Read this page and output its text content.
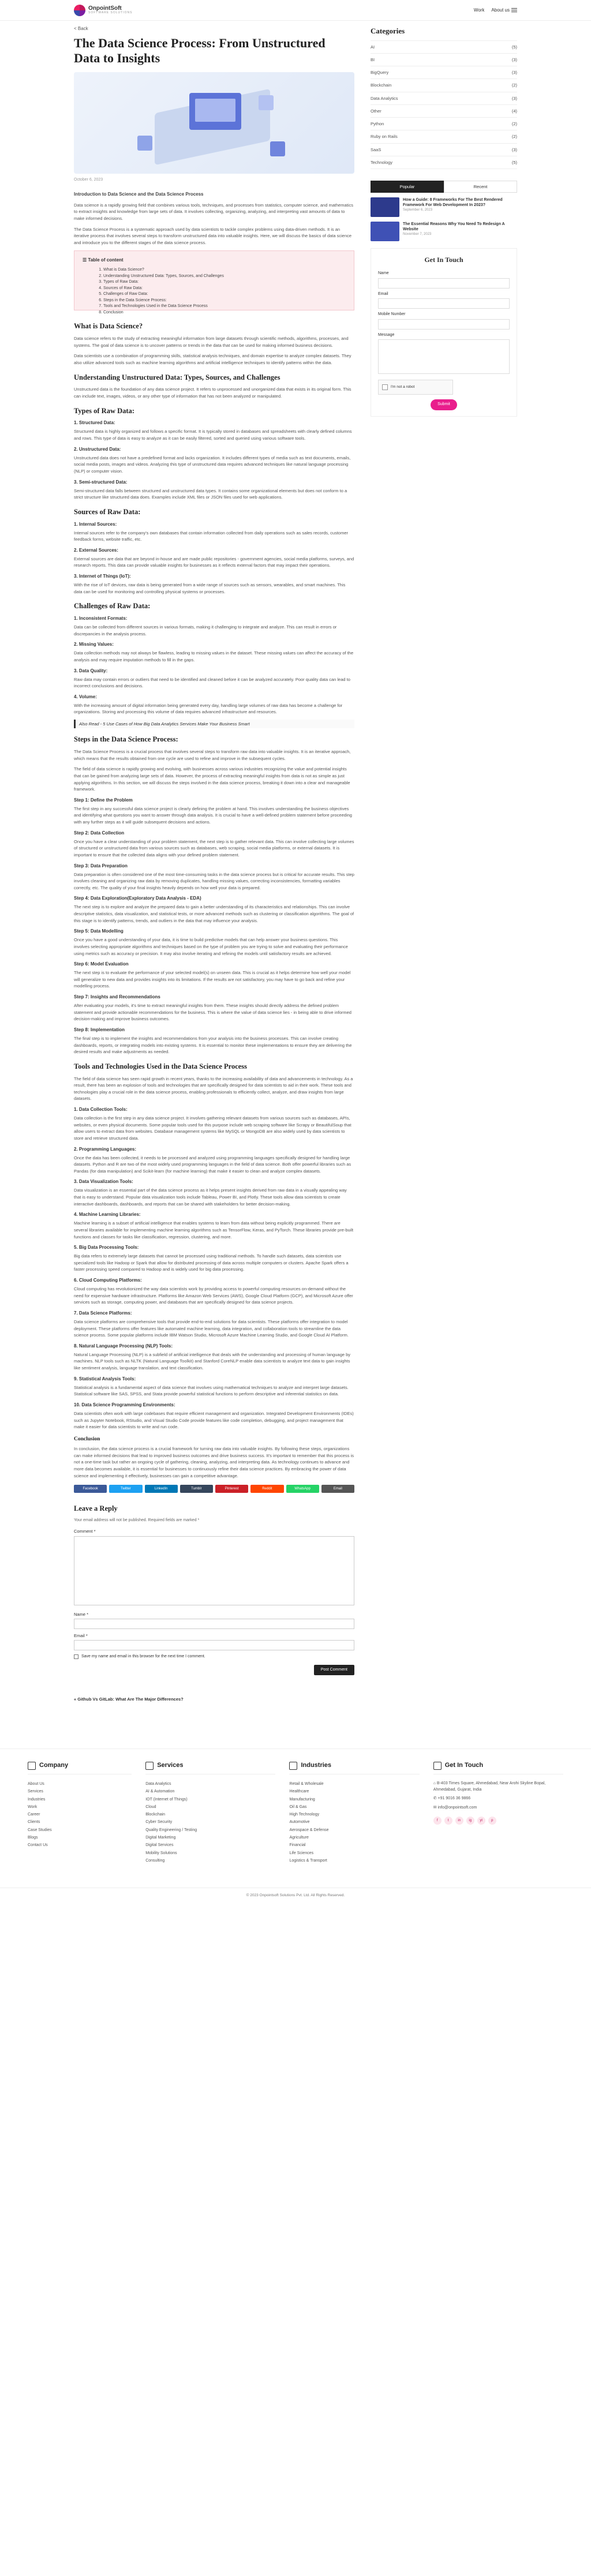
OnpointSoft
SOFTWARE SOLUTIONS
Work About us
< Back
The Data Science Process: From Unstructured Data to Insights
October 6, 2023

Introduction to Data Science and the Data Science Process

Data science is a rapidly growing field that combines various tools, techniques, and processes from statistics, computer science, and mathematics to extract insights and knowledge from large sets of data. It involves collecting, organizing, analyzing, and interpreting vast amounts of data to make informed decisions.

The Data Science Process is a systematic approach used by data scientists to tackle complex problems using data-driven methods. It is an iterative process that involves several steps to transform unstructured data into valuable insights. Here, we will discuss the basics of data science and introduce you to the different stages of the data science process.

☰ Table of content
1. What is Data Science?
2. Understanding Unstructured Data: Types, Sources, and Challenges
3. Types of Raw Data:
4. Sources of Raw Data:
5. Challenges of Raw Data:
6. Steps in the Data Science Process:
7. Tools and Technologies Used in the Data Science Process
8. Conclusion
What is Data Science?

Data science refers to the study of extracting meaningful information from large datasets through scientific methods, algorithms, processes, and systems. The goal of data science is to uncover patterns or trends in the data that can be used for making informed business decisions.

Data scientists use a combination of programming skills, statistical analysis techniques, and domain expertise to analyze complex datasets. They also utilize advanced tools such as machine learning algorithms and artificial intelligence techniques to identify patterns within the data.

Understanding Unstructured Data: Types, Sources, and Challenges

Unstructured data is the foundation of any data science project. It refers to unprocessed and unorganized data that exists in its original form. This can include text, images, videos, or any other type of information that has not been analyzed or manipulated.

Types of Raw Data:
1. Structured Data:

Structured data is highly organized and follows a specific format. It is typically stored in databases and spreadsheets with clearly defined columns and rows. This type of data is easy to analyze as it can be easily filtered, sorted and queried using various software tools.

2. Unstructured Data:

Unstructured data does not have a predefined format and lacks organization. It includes different types of media such as text documents, emails, social media posts, images and videos. Analyzing this type of unstructured data requires advanced techniques like natural language processing (NLP) or computer vision.

3. Semi-structured Data:

Semi-structured data falls between structured and unstructured data types. It contains some organizational elements but does not conform to a strict structure like structured data does. Examples include XML files or JSON files used for web applications.

Sources of Raw Data:
1. Internal Sources:

Internal sources refer to the company's own databases that contain information collected from daily operations such as sales records, customer feedback forms, website traffic, etc.

2. External Sources:

External sources are data that are beyond in-house and are made public repositories - government agencies, social media platforms, surveys, and research reports. This data can provide valuable insights for businesses as it reflects external factors that may impact their operations.

3. Internet of Things (IoT):

With the rise of IoT devices, raw data is being generated from a wide range of sources such as sensors, wearables, and smart machines. This data can be used for monitoring and controlling physical systems or processes.

Challenges of Raw Data:
1. Inconsistent Formats:

Data can be collected from different sources in various formats, making it challenging to integrate and analyze. This can result in errors or discrepancies in the analysis process.

2. Missing Values:

Data collection methods may not always be flawless, leading to missing values in the dataset. These missing values can affect the accuracy of the analysis and may require imputation methods to fill in the gaps.

3. Data Quality:

Raw data may contain errors or outliers that need to be identified and cleaned before it can be analyzed accurately. Poor quality data can lead to incorrect conclusions and decisions.

4. Volume:

With the increasing amount of digital information being generated every day, handling large volumes of raw data has become a challenge for organizations. Storing and processing this volume of data requires advanced infrastructure and resources.

Also Read - 5 Use Cases of How Big Data Analytics Services Make Your Business Smart
Steps in the Data Science Process:

The Data Science Process is a crucial process that involves several steps to transform raw data into valuable insights. It is an iterative approach, which means that the results obtained from one cycle are used to refine and improve in the subsequent cycles.

The field of data science is rapidly growing and evolving, with businesses across various industries recognizing the value and potential insights that can be gained from analyzing large sets of data. However, the process of extracting meaningful insights from data is not as simple as just applying algorithms. In this section, we will discuss the steps involved in the data science process, breaking it down into a clear and manageable framework.

Step 1: Define the Problem

The first step in any successful data science project is clearly defining the problem at hand. This involves understanding the business objectives and identifying what questions you want to answer through data analysis. It is crucial to have a well-defined problem statement before proceeding with any further steps as it will guide subsequent decisions and actions.

Step 2: Data Collection

Once you have a clear understanding of your problem statement, the next step is to gather relevant data. This can involve collecting large volumes of structured or unstructured data from various sources such as databases, web scraping, social media platforms, or external datasets. It is important to ensure that the collected data aligns with your defined problem statement.

Step 3: Data Preparation

Data preparation is often considered one of the most time-consuming tasks in the data science process but is critical for accurate results. This step involves cleaning and organizing raw data by removing duplicates, handling missing values, correcting inconsistencies, formatting variables correctly, etc. The quality of your final insights heavily depends on how well your data is prepared.

Step 4: Data Exploration(Exploratory Data Analysis - EDA)

The next step is to explore and analyze the prepared data to gain a better understanding of its characteristics and relationships. This can involve descriptive statistics, data visualization, and statistical tests, or more advanced methods such as clustering or classification algorithms. The goal of this stage is to identify patterns, trends, and outliers in the data that may influence your analysis.

Step 5: Data Modelling

Once you have a good understanding of your data, it is time to build predictive models that can help answer your business questions. This involves selecting appropriate algorithms and techniques based on the type of problem you are trying to solve and evaluating their performance using metrics such as accuracy or precision. It may also involve iterating and refining the models until satisfactory results are achieved.

Step 6: Model Evaluation

The next step is to evaluate the performance of your selected model(s) on unseen data. This is crucial as it helps determine how well your model will generalize to new data and provides insights into its limitations. If the results are not satisfactory, you may have to go back and refine your modelling process.

Step 7: Insights and Recommendations

After evaluating your models, it's time to extract meaningful insights from them. These insights should directly address the defined problem statement and provide actionable recommendations for the business. This is where the value of data science lies - in being able to drive informed decision-making and improve business outcomes.

Step 8: Implementation

The final step is to implement the insights and recommendations from your analysis into the business processes. This can involve creating dashboards, reports, or integrating models into existing systems. It is essential to monitor these implementations to ensure they are delivering the desired results and make adjustments as needed.

Tools and Technologies Used in the Data Science Process

The field of data science has seen rapid growth in recent years, thanks to the increasing availability of data and advancements in technology. As a result, there has been an explosion of tools and technologies that are specifically designed for data scientists to aid in their work. These tools and technologies play a crucial role in the data science process, enabling professionals to efficiently collect, analyze, and draw insights from large datasets.

1. Data Collection Tools:

Data collection is the first step in any data science project. It involves gathering relevant datasets from various sources such as databases, APIs, websites, or even physical documents. Some popular tools used for this purpose include web scraping software like Scrapy or BeautifulSoup that allow users to extract data from websites. Database management systems like MySQL or MongoDB are also widely used by data scientists to store and retrieve structured data.

2. Programming Languages:

Once the data has been collected, it needs to be processed and analyzed using programming languages specifically designed for handling large datasets. Python and R are two of the most widely used programming languages in the field of data science. Both offer powerful libraries such as Pandas (for data manipulation) and Scikit-learn (for machine learning) that make it easier to clean and analyze complex datasets.

3. Data Visualization Tools:

Data visualization is an essential part of the data science process as it helps present insights derived from raw data in a visually appealing way that is easy to understand. Popular data visualization tools include Tableau, Power BI, and Plotly. These tools allow data scientists to create interactive dashboards, dashboards, and reports that can be shared with stakeholders for better decision-making.

4. Machine Learning Libraries:

Machine learning is a subset of artificial intelligence that enables systems to learn from data without being explicitly programmed. There are several libraries available for implementing machine learning algorithms such as TensorFlow, Keras, and PyTorch. These libraries provide pre-built functions and classes for tasks like classification, regression, clustering, and more.

5. Big Data Processing Tools:

Big data refers to extremely large datasets that cannot be processed using traditional methods. To handle such datasets, data scientists use specialized tools like Hadoop or Spark that allow for distributed processing of data across multiple computers or clusters. Apache Spark offers a faster processing speed compared to Hadoop and is widely used for big data processing.

6. Cloud Computing Platforms:

Cloud computing has revolutionized the way data scientists work by providing access to powerful computing resources on-demand without the need for expensive hardware infrastructure. Platforms like Amazon Web Services (AWS), Google Cloud Platform (GCP), and Microsoft Azure offer services such as storage, computing power, and databases that are specifically designed for data science projects.

7. Data Science Platforms:

Data science platforms are comprehensive tools that provide end-to-end solutions for data scientists. These platforms offer integration to model deployment. These platforms offer features like automated machine learning, data integration, and collaboration tools to streamline the data science process. Some popular platforms include IBM Watson Studio, Microsoft Azure Machine Learning Studio, and Google Cloud AI Platform.

8. Natural Language Processing (NLP) Tools:

Natural Language Processing (NLP) is a subfield of artificial intelligence that deals with the understanding and processing of human language by machines. NLP tools such as NLTK (Natural Language Toolkit) and Stanford CoreNLP enable data scientists to analyze text data to gain insights like sentiment analysis, language translation, and text classification.

9. Statistical Analysis Tools:

Statistical analysis is a fundamental aspect of data science that involves using mathematical techniques to analyze and interpret large datasets. Statistical software like SAS, SPSS, and Stata provide powerful statistical functions to perform descriptive and inferential statistics on data.

10. Data Science Programming Environments:

Data scientists often work with large codebases that require efficient management and organization. Integrated Development Environments (IDEs) such as Jupyter Notebook, RStudio, and Visual Studio Code provide features like code completion, debugging, and project management that make it easier for data scientists to write and run code.

Conclusion

In conclusion, the data science process is a crucial framework for turning raw data into valuable insights. By following these steps, organizations can make informed decisions that lead to improved business outcomes and drive business success. It's important to remember that this process is not a one-time task but rather an ongoing cycle of gathering, cleaning, analyzing, and interpreting data. As technology continues to advance and more data becomes available, it is essential for businesses to continuously refine their data science practices. By embracing the power of data science and implementing it effectively, businesses can gain a competitive advantage.

Facebook	Twitter	LinkedIn	Tumblr	Pinterest	Reddit	WhatsApp	Email
Leave a Reply
Your email address will not be published. Required fields are marked *
Comment *
Name *
Email *
Save my name and email in this browser for the next time I comment.
Post Comment
« Github Vs GitLab: What Are The Major Differences?
Categories
AI	(5)
BI	(3)
BigQuery	(3)
Blockchain	(2)
Data Analytics	(3)
Other	(4)
Python	(2)
Ruby on Rails	(2)
SaaS	(3)
Technology	(5)
Popular	Recent
How a Guide: 8 Frameworks For The Best Rendered Framework For Web Development In 2023?
September 6, 2023
The Essential Reasons Why You Need To Redesign A Website
November 7, 2023
Get In Touch
Name
Email
Mobile Number
Message
I'm not a robot
Submit
Company
About Us
Services
Industries
Work
Career
Clients
Case Studies
Blogs
Contact Us
Services
Data Analytics
AI & Automation
IOT (Internet of Things)
Cloud
Blockchain
Cyber Security
Quality Engineering / Testing
Digital Marketing
Digital Services
Mobility Solutions
Consulting
Industries
Retail & Wholesale
Healthcare
Manufacturing
Oil & Gas
High Technology
Automotive
Aerospace & Defense
Agriculture
Financial
Life Sciences
Logistics & Transport
Get In Touch
⌂ B-403 Times Square, Ahmedabad, Near Arohi Skyline Bopal, Ahmedabad, Gujarat, India
✆ +91 9016 36 9866
✉ info@onpointsoft.com
f	t	in	ig	yt	p
© 2023 Onpointsoft Solutions Pvt. Ltd. All Rights Reserved.
